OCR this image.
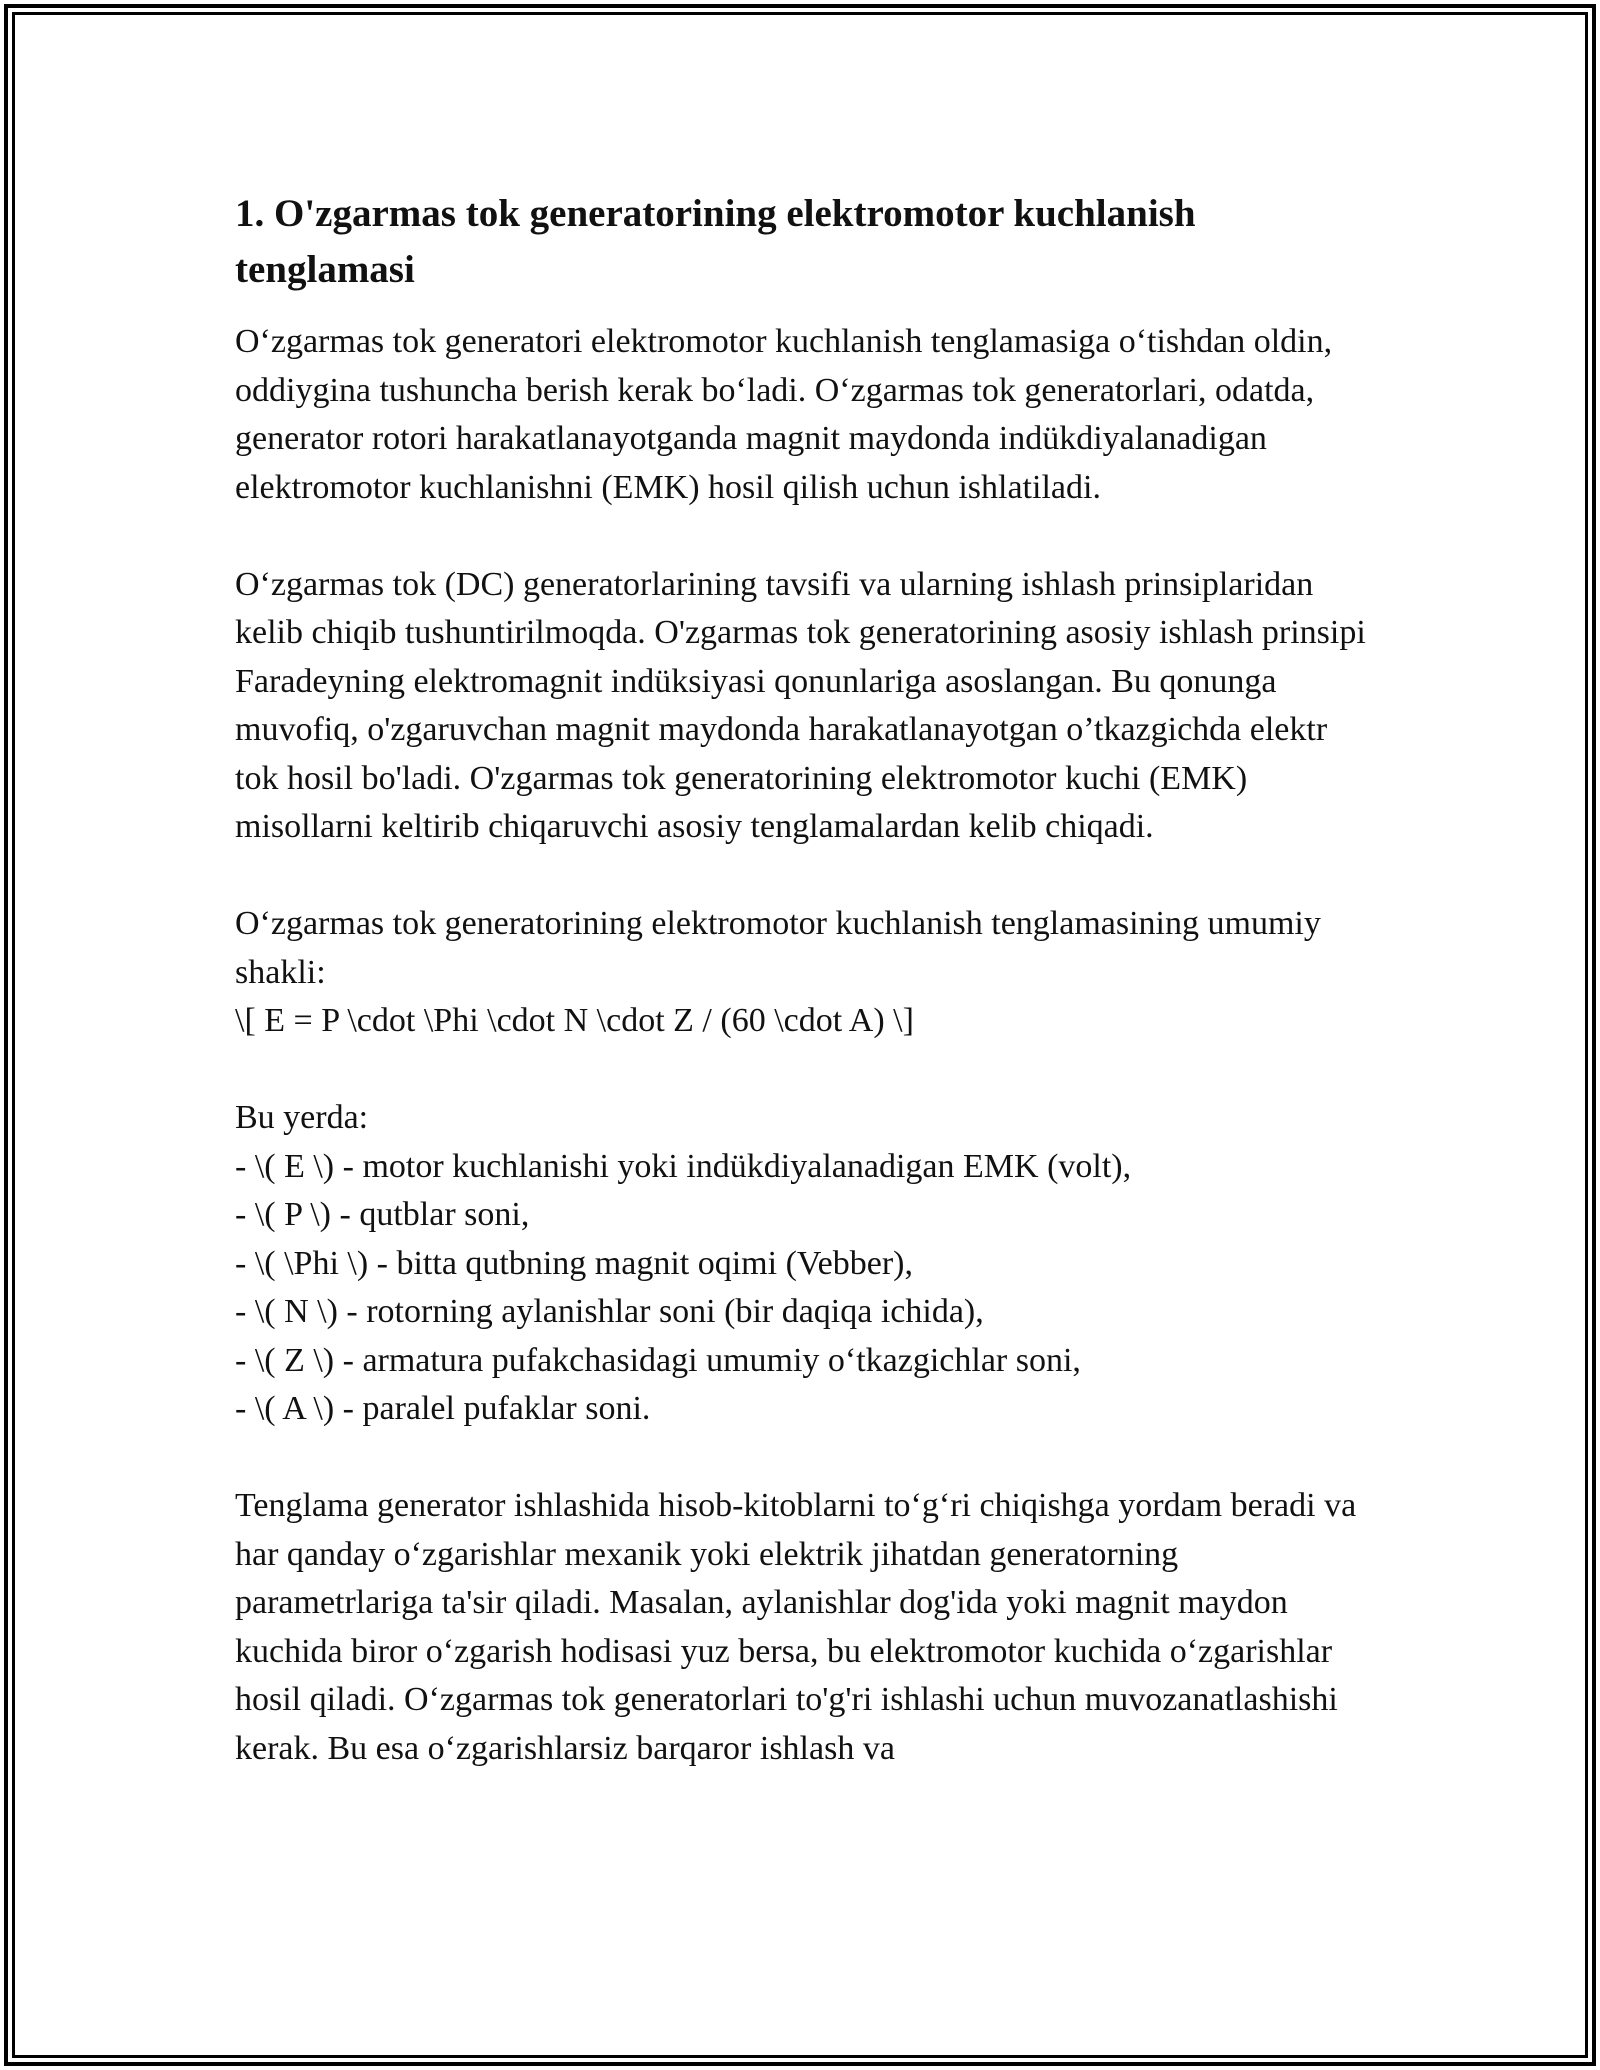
1. O'zgarmas tok generatorining elektromotor kuchlanish tenglamasi

O‘zgarmas tok generatori elektromotor kuchlanish tenglamasiga o‘tishdan oldin, oddiygina tushuncha berish kerak bo‘ladi. O‘zgarmas tok generatorlari, odatda, generator rotori harakatlanayotganda magnit maydonda indükdiyalanadigan elektromotor kuchlanishni (EMK) hosil qilish uchun ishlatiladi.

O‘zgarmas tok (DC) generatorlarining tavsifi va ularning ishlash prinsiplaridan kelib chiqib tushuntirilmoqda. O'zgarmas tok generatorining asosiy ishlash prinsipi Faradeyning elektromagnit indüksiyasi qonunlariga asoslangan. Bu qonunga muvofiq, o'zgaruvchan magnit maydonda harakatlanayotgan o’tkazgichda elektr tok hosil bo'ladi. O'zgarmas tok generatorining elektromotor kuchi (EMK) misollarni keltirib chiqaruvchi asosiy tenglamalardan kelib chiqadi.

O‘zgarmas tok generatorining elektromotor kuchlanish tenglamasining umumiy shakli:

\[ E = P \cdot \Phi \cdot N \cdot Z / (60 \cdot A) \]

Bu yerda:

- \( E \) - motor kuchlanishi yoki indükdiyalanadigan EMK (volt),

- \( P \) - qutblar soni,

- \( \Phi \) - bitta qutbning magnit oqimi (Vebber),

- \( N \) - rotorning aylanishlar soni (bir daqiqa ichida),

- \( Z \) - armatura pufakchasidagi umumiy o‘tkazgichlar soni,

- \( A \) - paralel pufaklar soni.

Tenglama generator ishlashida hisob-kitoblarni to‘g‘ri chiqishga yordam beradi va har qanday o‘zgarishlar mexanik yoki elektrik jihatdan generatorning parametrlariga ta'sir qiladi. Masalan, aylanishlar dog'ida yoki magnit maydon kuchida biror o‘zgarish hodisasi yuz bersa, bu elektromotor kuchida o‘zgarishlar hosil qiladi. O‘zgarmas tok generatorlari to'g'ri ishlashi uchun muvozanatlashishi kerak. Bu esa o‘zgarishlarsiz barqaror ishlash va
